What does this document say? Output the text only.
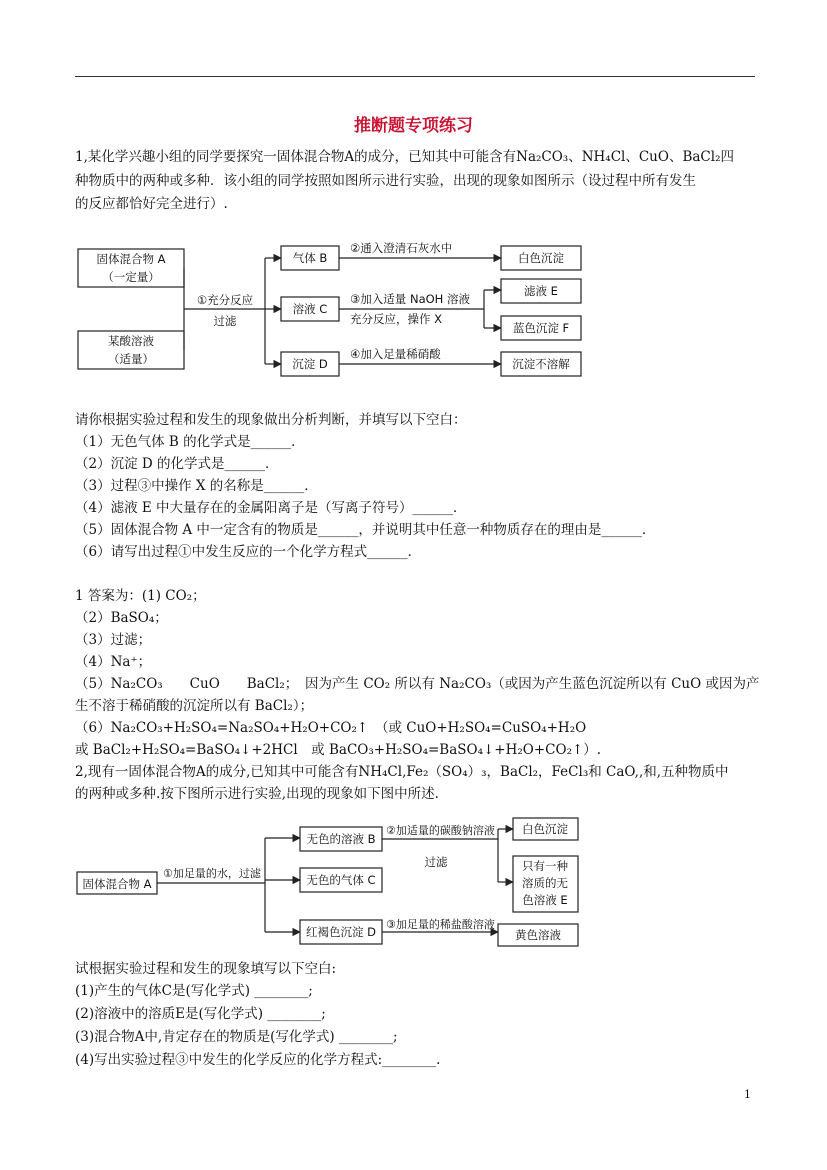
推断题专项练习
1,某化学兴趣小组的同学要探究一固体混合物A的成分，已知其中可能含有Na₂CO₃、NH₄Cl、CuO、BaCl₂四
种物质中的两种或多种．该小组的同学按照如图所示进行实验，出现的现象如图所示（设过程中所有发生
的反应都恰好完全进行）.
固体混合物 A
（一定量）
某酸溶液
（适量）
①充分反应
过滤
气体 B
溶液 C
沉淀 D
白色沉淀
滤液 E
蓝色沉淀 F
沉淀不溶解
②通入澄清石灰水中
③加入适量 NaOH 溶液
充分反应，操作 X
④加入足量稀硝酸
请你根据实验过程和发生的现象做出分析判断，并填写以下空白：
（1）无色气体 B 的化学式是______．
（2）沉淀 D 的化学式是______．
（3）过程③中操作 X 的名称是______．
（4）滤液 E 中大量存在的金属阳离子是（写离子符号）______．
（5）固体混合物 A 中一定含有的物质是______，并说明其中任意一种物质存在的理由是______．
（6）请写出过程①中发生反应的一个化学方程式______．
1 答案为：(1) CO₂；
（2）BaSO₄；
（3）过滤；
（4）Na⁺；
（5）Na₂CO₃　　CuO　　BaCl₂；　因为产生 CO₂ 所以有 Na₂CO₃（或因为产生蓝色沉淀所以有 CuO 或因为产
生不溶于稀硝酸的沉淀所以有 BaCl₂）；
（6）Na₂CO₃+H₂SO₄=Na₂SO₄+H₂O+CO₂↑　（或 CuO+H₂SO₄=CuSO₄+H₂O
或 BaCl₂+H₂SO₄=BaSO₄↓+2HCl　或 BaCO₃+H₂SO₄=BaSO₄↓+H₂O+CO₂↑）.
2,现有一固体混合物A的成分,已知其中可能含有NH₄Cl,Fe₂（SO₄）₃，BaCl₂，FeCl₃和 CaO,,和,五种物质中
的两种或多种.按下图所示进行实验,出现的现象如下图中所述.
固体混合物 A
无色的溶液 B
无色的气体 C
红褐色沉淀 D
过滤
白色沉淀
只有一种
溶质的无
色溶液 E
黄色溶液
①加足量的水，过滤
②加适量的碳酸钠溶液
③加足量的稀盐酸溶液
试根据实验过程和发生的现象填写以下空白:
(1)产生的气体C是(写化学式) ________;
(2)溶液中的溶质E是(写化学式) ________;
(3)混合物A中,肯定存在的物质是(写化学式) ________;
(4)写出实验过程③中发生的化学反应的化学方程式:________.
1
